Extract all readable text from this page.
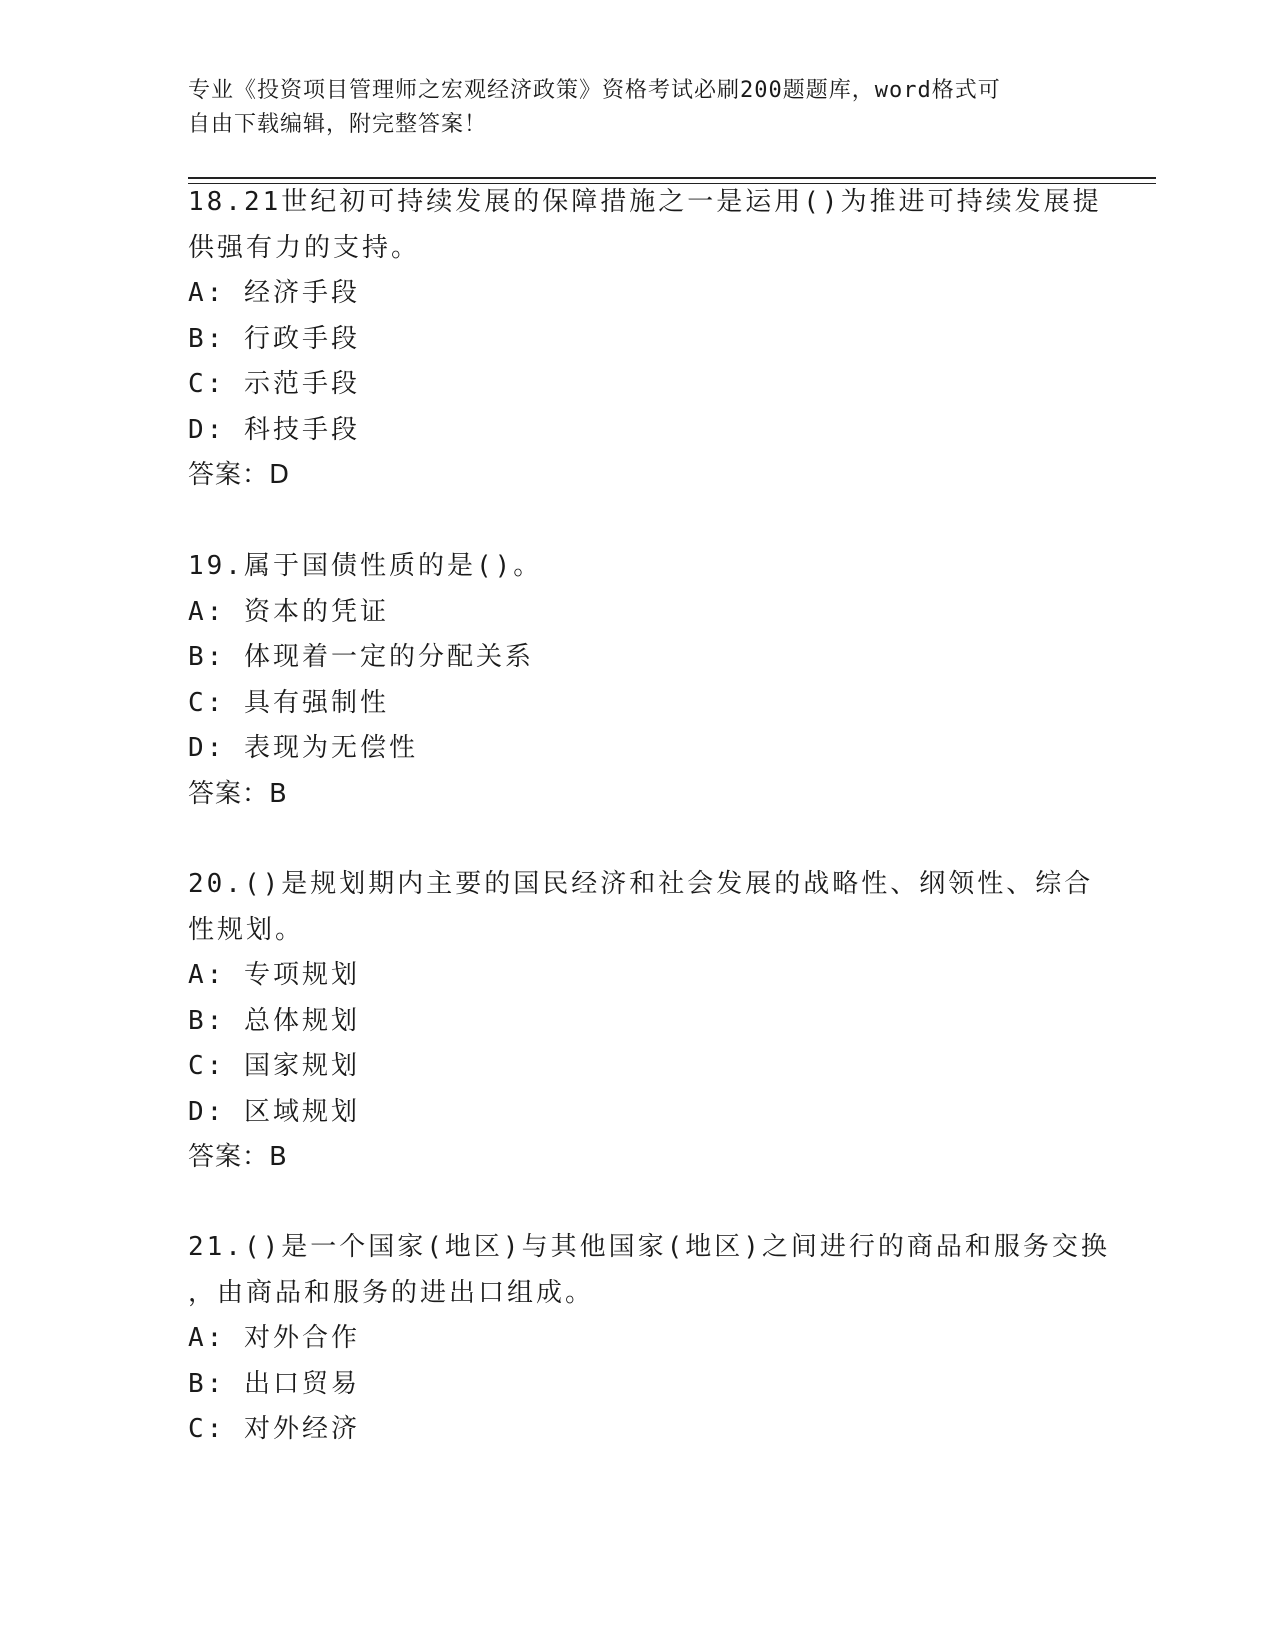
专业《投资项目管理师之宏观经济政策》资格考试必刷200题题库，word格式可
自由下载编辑，附完整答案！
18.21世纪初可持续发展的保障措施之一是运用()为推进可持续发展提
供强有力的支持。
A: 经济手段
B: 行政手段
C: 示范手段
D: 科技手段
答案：D
19.属于国债性质的是()。
A: 资本的凭证
B: 体现着一定的分配关系
C: 具有强制性
D: 表现为无偿性
答案：B
20.()是规划期内主要的国民经济和社会发展的战略性、纲领性、综合
性规划。
A: 专项规划
B: 总体规划
C: 国家规划
D: 区域规划
答案：B
21.()是一个国家(地区)与其他国家(地区)之间进行的商品和服务交换
，由商品和服务的进出口组成。
A: 对外合作
B: 出口贸易
C: 对外经济
